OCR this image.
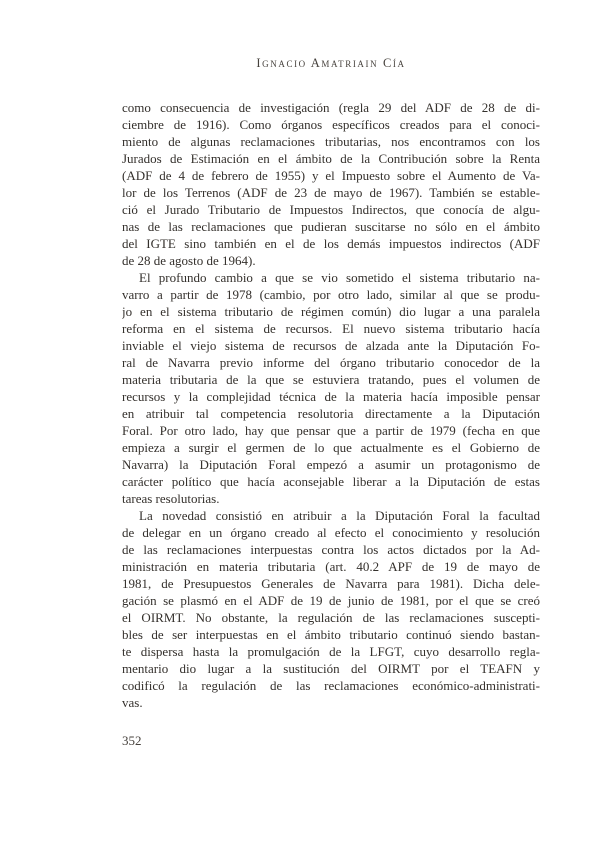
Ignacio Amatriain Cía
como consecuencia de investigación (regla 29 del ADF de 28 de di-
ciembre de 1916). Como órganos específicos creados para el conoci-
miento de algunas reclamaciones tributarias, nos encontramos con los
Jurados de Estimación en el ámbito de la Contribución sobre la Renta
(ADF de 4 de febrero de 1955) y el Impuesto sobre el Aumento de Va-
lor de los Terrenos (ADF de 23 de mayo de 1967). También se estable-
ció el Jurado Tributario de Impuestos Indirectos, que conocía de algu-
nas de las reclamaciones que pudieran suscitarse no sólo en el ámbito
del IGTE sino también en el de los demás impuestos indirectos (ADF
de 28 de agosto de 1964).
El profundo cambio a que se vio sometido el sistema tributario na-
varro a partir de 1978 (cambio, por otro lado, similar al que se produ-
jo en el sistema tributario de régimen común) dio lugar a una paralela
reforma en el sistema de recursos. El nuevo sistema tributario hacía
inviable el viejo sistema de recursos de alzada ante la Diputación Fo-
ral de Navarra previo informe del órgano tributario conocedor de la
materia tributaria de la que se estuviera tratando, pues el volumen de
recursos y la complejidad técnica de la materia hacía imposible pensar
en atribuir tal competencia resolutoria directamente a la Diputación
Foral. Por otro lado, hay que pensar que a partir de 1979 (fecha en que
empieza a surgir el germen de lo que actualmente es el Gobierno de
Navarra) la Diputación Foral empezó a asumir un protagonismo de
carácter político que hacía aconsejable liberar a la Diputación de estas
tareas resolutorias.
La novedad consistió en atribuir a la Diputación Foral la facultad
de delegar en un órgano creado al efecto el conocimiento y resolución
de las reclamaciones interpuestas contra los actos dictados por la Ad-
ministración en materia tributaria (art. 40.2 APF de 19 de mayo de
1981, de Presupuestos Generales de Navarra para 1981). Dicha dele-
gación se plasmó en el ADF de 19 de junio de 1981, por el que se creó
el OIRMT. No obstante, la regulación de las reclamaciones suscepti-
bles de ser interpuestas en el ámbito tributario continuó siendo bastan-
te dispersa hasta la promulgación de la LFGT, cuyo desarrollo regla-
mentario dio lugar a la sustitución del OIRMT por el TEAFN y
codificó la regulación de las reclamaciones económico-administrati-
vas.
352
